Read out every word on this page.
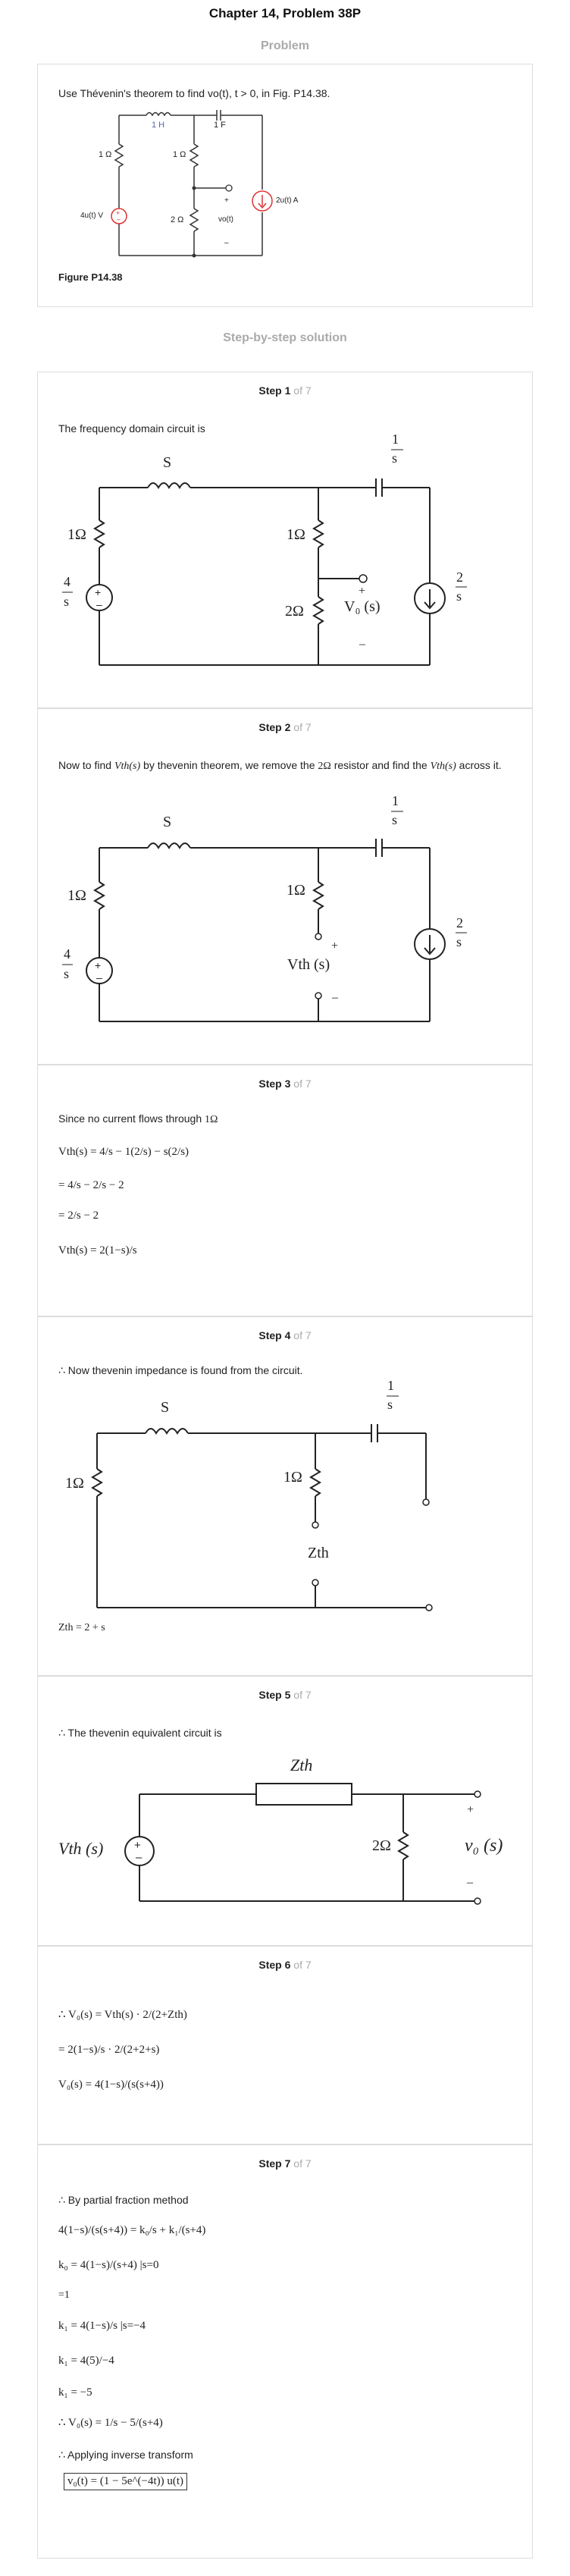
Chapter 14, Problem 38P
Problem
Use Thévenin's theorem to find vo(t), t > 0, in Fig. P14.38.
+
–
1 H	1 F
1 Ω	1 Ω
2 Ω
4u(t) V
2u(t) A
+
vo(t)
–
Figure P14.38
Step-by-step solution
Step 1 of 7
The frequency domain circuit is
+
–
S
1
s
1Ω	1Ω
2Ω
4
s
2
s
+
V₀ (s)
–
Step 2 of 7
Now to find Vth(s) by thevenin theorem, we remove the 2Ω resistor and find the Vth(s) across it.
+
–
S
1
s
1Ω	1Ω
4
s
2
s
+
Vth (s)
–
Step 3 of 7
Since no current flows through 1Ω
Vth(s) = 4/s − 1(2/s) − s(2/s)
= 4/s − 2/s − 2
= 2/s − 2
Vth(s) = 2(1−s)/s
Step 4 of 7
∴ Now thevenin impedance is found from the circuit.
S
1
s
1Ω	1Ω
Zth
Zth = 2 + s
Step 5 of 7
∴ The thevenin equivalent circuit is
+
–
Zth
Vth (s)	2Ω
+
v₀ (s)
–
Step 6 of 7
∴ V₀(s) = Vth(s) · 2/(2+Zth)
= 2(1−s)/s · 2/(2+2+s)
V₀(s) = 4(1−s)/(s(s+4))
Step 7 of 7
∴ By partial fraction method
4(1−s)/(s(s+4)) = k₀/s + k₁/(s+4)
k₀ = 4(1−s)/(s+4) |s=0
=1
k₁ = 4(1−s)/s |s=−4
k₁ = 4(5)/−4
k₁ = −5
∴ V₀(s) = 1/s − 5/(s+4)
∴ Applying inverse transform
v₀(t) = (1 − 5e^(−4t)) u(t)
